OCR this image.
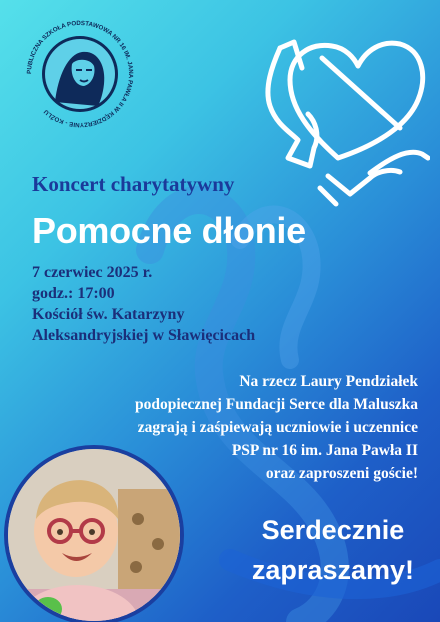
PUBLICZNA SZKOŁA PODSTAWOWA NR 16 IM. JANA PAWŁA II W KĘDZIERZYNIE - KOŹLU
Koncert charytatywny
Pomocne dłonie
7 czerwiec 2025 r.
godz.: 17:00
Kościół św. Katarzyny
Aleksandryjskiej w Sławięcicach
Na rzecz Laury Pendziałek
podopiecznej Fundacji Serce dla Maluszka
zagrają i zaśpiewają uczniowie i uczennice
PSP nr 16 im. Jana Pawła II
oraz zaproszeni goście!
Serdecznie
zapraszamy!
